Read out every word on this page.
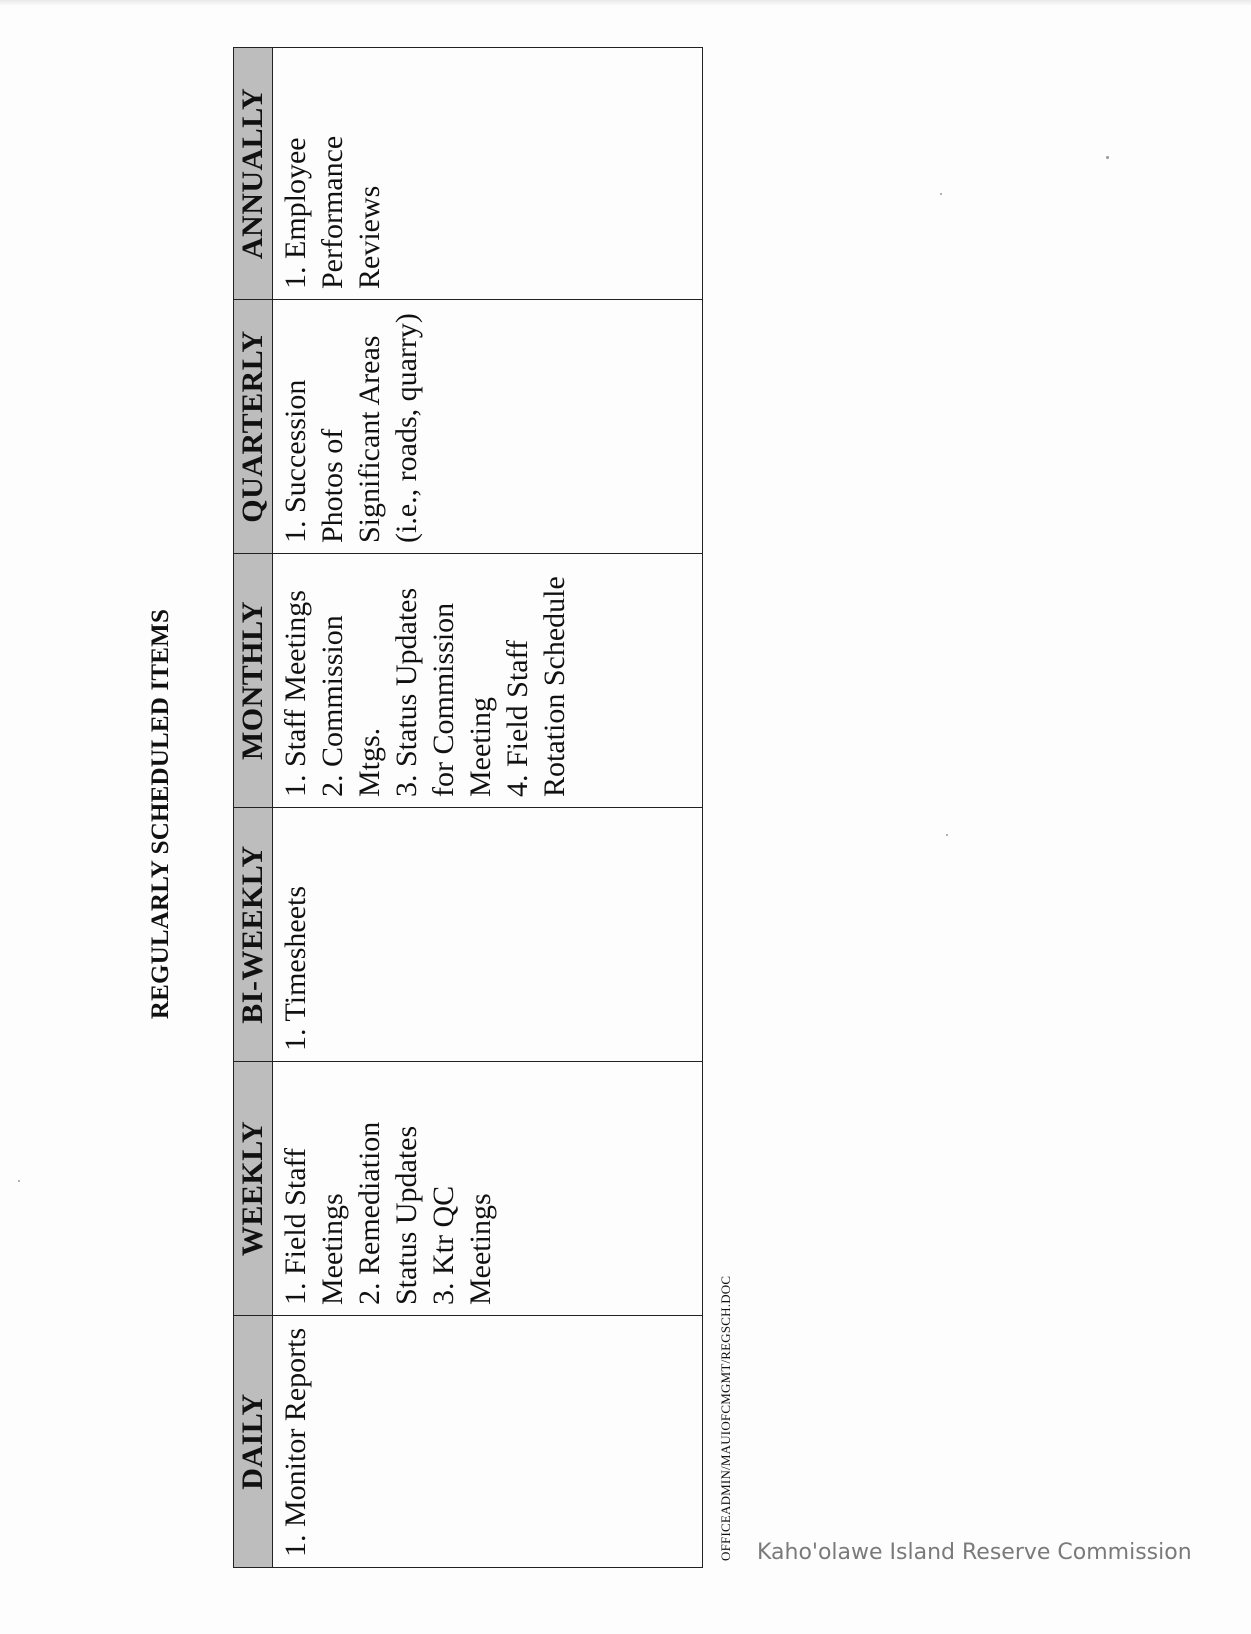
REGULARLY SCHEDULED ITEMS
DAILY	WEEKLY	BI-WEEKLY	MONTHLY	QUARTERLY	ANNUALLY

1. Monitor Reports	1. Field Staff Meetings 2. Remediation Status Updates 3. Ktr QC Meetings	1. Timesheets	1. Staff Meetings 2. Commission Mtgs. 3. Status Updates for Commission Meeting 4. Field Staff Rotation Schedule	1. Succession Photos of Significant Areas (i.e., roads, quarry)	1. Employee Performance Reviews
OFFICEADMIN/MAUIOFCMGMT/REGSCH.DOC Kaho'olawe Island Reserve Commission
